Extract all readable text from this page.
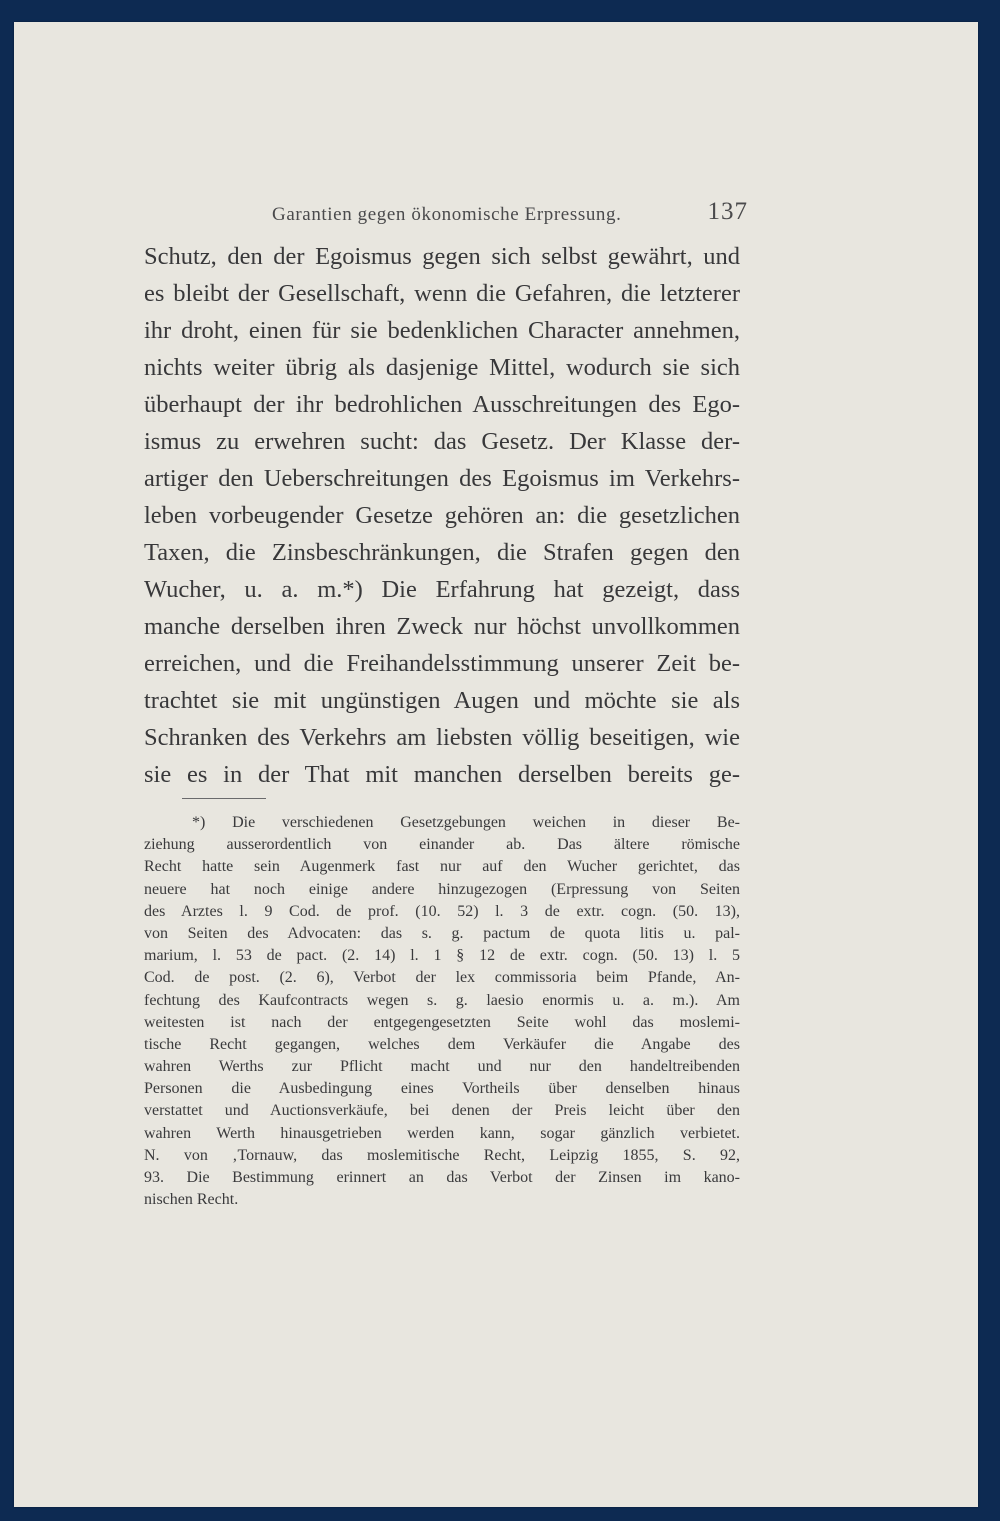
Garantien gegen ökonomische Erpressung.	137
Schutz, den der Egoismus gegen sich selbst gewährt, und
es bleibt der Gesellschaft, wenn die Gefahren, die letzterer
ihr droht, einen für sie bedenklichen Character annehmen,
nichts weiter übrig als dasjenige Mittel, wodurch sie sich
überhaupt der ihr bedrohlichen Ausschreitungen des Ego-
ismus zu erwehren sucht: das Gesetz. Der Klasse der-
artiger den Ueberschreitungen des Egoismus im Verkehrs-
leben vorbeugender Gesetze gehören an: die gesetzlichen
Taxen, die Zinsbeschränkungen, die Strafen gegen den
Wucher, u. a. m.*) Die Erfahrung hat gezeigt, dass
manche derselben ihren Zweck nur höchst unvollkommen
erreichen, und die Freihandelsstimmung unserer Zeit be-
trachtet sie mit ungünstigen Augen und möchte sie als
Schranken des Verkehrs am liebsten völlig beseitigen, wie
sie es in der That mit manchen derselben bereits ge-
*) Die verschiedenen Gesetzgebungen weichen in dieser Be-
ziehung ausserordentlich von einander ab. Das ältere römische
Recht hatte sein Augenmerk fast nur auf den Wucher gerichtet, das
neuere hat noch einige andere hinzugezogen (Erpressung von Seiten
des Arztes l. 9 Cod. de prof. (10. 52) l. 3 de extr. cogn. (50. 13),
von Seiten des Advocaten: das s. g. pactum de quota litis u. pal-
marium, l. 53 de pact. (2. 14) l. 1 § 12 de extr. cogn. (50. 13) l. 5
Cod. de post. (2. 6), Verbot der lex commissoria beim Pfande, An-
fechtung des Kaufcontracts wegen s. g. laesio enormis u. a. m.). Am
weitesten ist nach der entgegengesetzten Seite wohl das moslemi-
tische Recht gegangen, welches dem Verkäufer die Angabe des
wahren Werths zur Pflicht macht und nur den handeltreibenden
Personen die Ausbedingung eines Vortheils über denselben hinaus
verstattet und Auctionsverkäufe, bei denen der Preis leicht über den
wahren Werth hinausgetrieben werden kann, sogar gänzlich verbietet.
N. von ‚Tornauw, das moslemitische Recht, Leipzig 1855, S. 92,
93. Die Bestimmung erinnert an das Verbot der Zinsen im kano-
nischen Recht.
